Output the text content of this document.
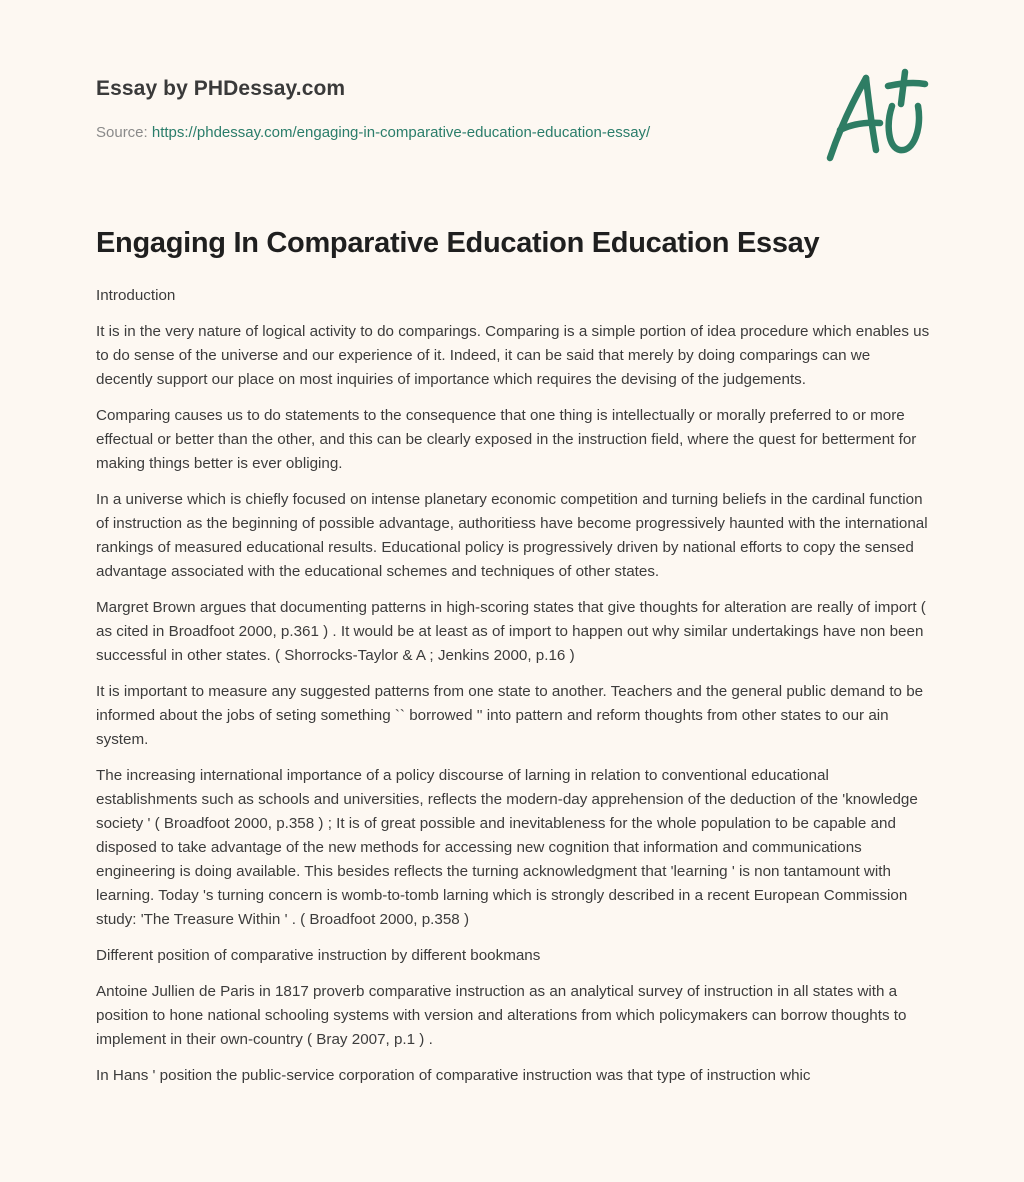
Essay by PHDessay.com
Source: https://phdessay.com/engaging-in-comparative-education-education-essay/
Engaging In Comparative Education Education Essay

Introduction

It is in the very nature of logical activity to do comparings. Comparing is a simple portion of idea procedure which enables us to do sense of the universe and our experience of it. Indeed, it can be said that merely by doing comparings can we decently support our place on most inquiries of importance which requires the devising of the judgements.

Comparing causes us to do statements to the consequence that one thing is intellectually or morally preferred to or more effectual or better than the other, and this can be clearly exposed in the instruction field, where the quest for betterment for making things better is ever obliging.

In a universe which is chiefly focused on intense planetary economic competition and turning beliefs in the cardinal function of instruction as the beginning of possible advantage, authoritiess have become progressively haunted with the international rankings of measured educational results. Educational policy is progressively driven by national efforts to copy the sensed advantage associated with the educational schemes and techniques of other states.

Margret Brown argues that documenting patterns in high-scoring states that give thoughts for alteration are really of import ( as cited in Broadfoot 2000, p.361 ) . It would be at least as of import to happen out why similar undertakings have non been successful in other states. ( Shorrocks-Taylor & A ; Jenkins 2000, p.16 )

It is important to measure any suggested patterns from one state to another. Teachers and the general public demand to be informed about the jobs of seting something `` borrowed '' into pattern and reform thoughts from other states to our ain system.

The increasing international importance of a policy discourse of larning in relation to conventional educational establishments such as schools and universities, reflects the modern-day apprehension of the deduction of the 'knowledge society ' ( Broadfoot 2000, p.358 ) ; It is of great possible and inevitableness for the whole population to be capable and disposed to take advantage of the new methods for accessing new cognition that information and communications engineering is doing available. This besides reflects the turning acknowledgment that 'learning ' is non tantamount with learning. Today 's turning concern is womb-to-tomb larning which is strongly described in a recent European Commission study: 'The Treasure Within ' . ( Broadfoot 2000, p.358 )

Different position of comparative instruction by different bookmans

Antoine Jullien de Paris in 1817 proverb comparative instruction as an analytical survey of instruction in all states with a position to hone national schooling systems with version and alterations from which policymakers can borrow thoughts to implement in their own-country ( Bray 2007, p.1 ) .

In Hans ' position the public-service corporation of comparative instruction was that type of instruction whic
